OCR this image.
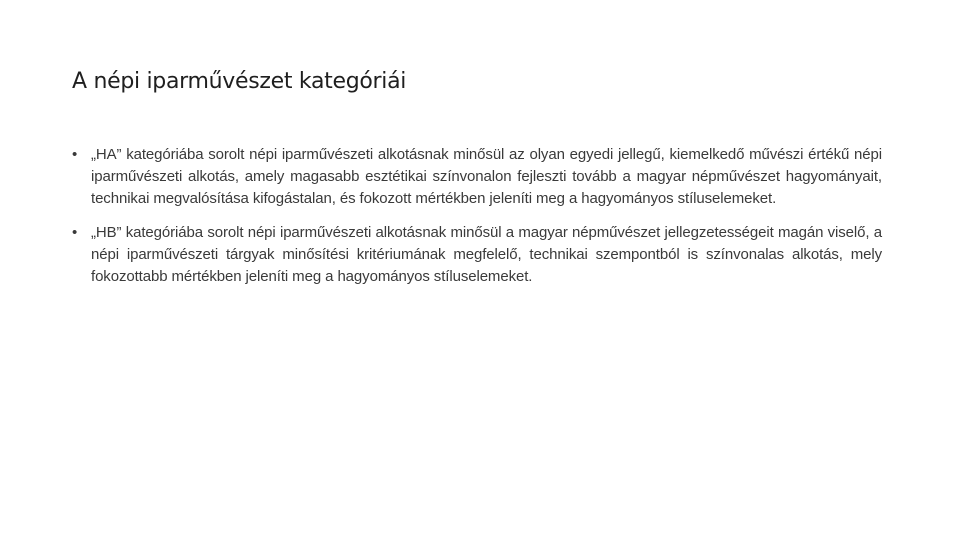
A népi iparművészet kategóriái
• „HA” kategóriába sorolt népi iparművészeti alkotásnak minősül az olyan egyedi jellegű, kiemelkedő művészi értékű népi iparművészeti alkotás, amely magasabb esztétikai színvonalon fejleszti tovább a magyar népművészet hagyományait, technikai megvalósítása kifogástalan, és fokozott mértékben jeleníti meg a hagyományos stíluselemeket.
• „HB” kategóriába sorolt népi iparművészeti alkotásnak minősül a magyar népművészet jellegzetességeit magán viselő, a népi iparművészeti tárgyak minősítési kritériumának megfelelő, technikai szempontból is színvonalas alkotás, mely fokozottabb mértékben jeleníti meg a hagyományos stíluselemeket.
